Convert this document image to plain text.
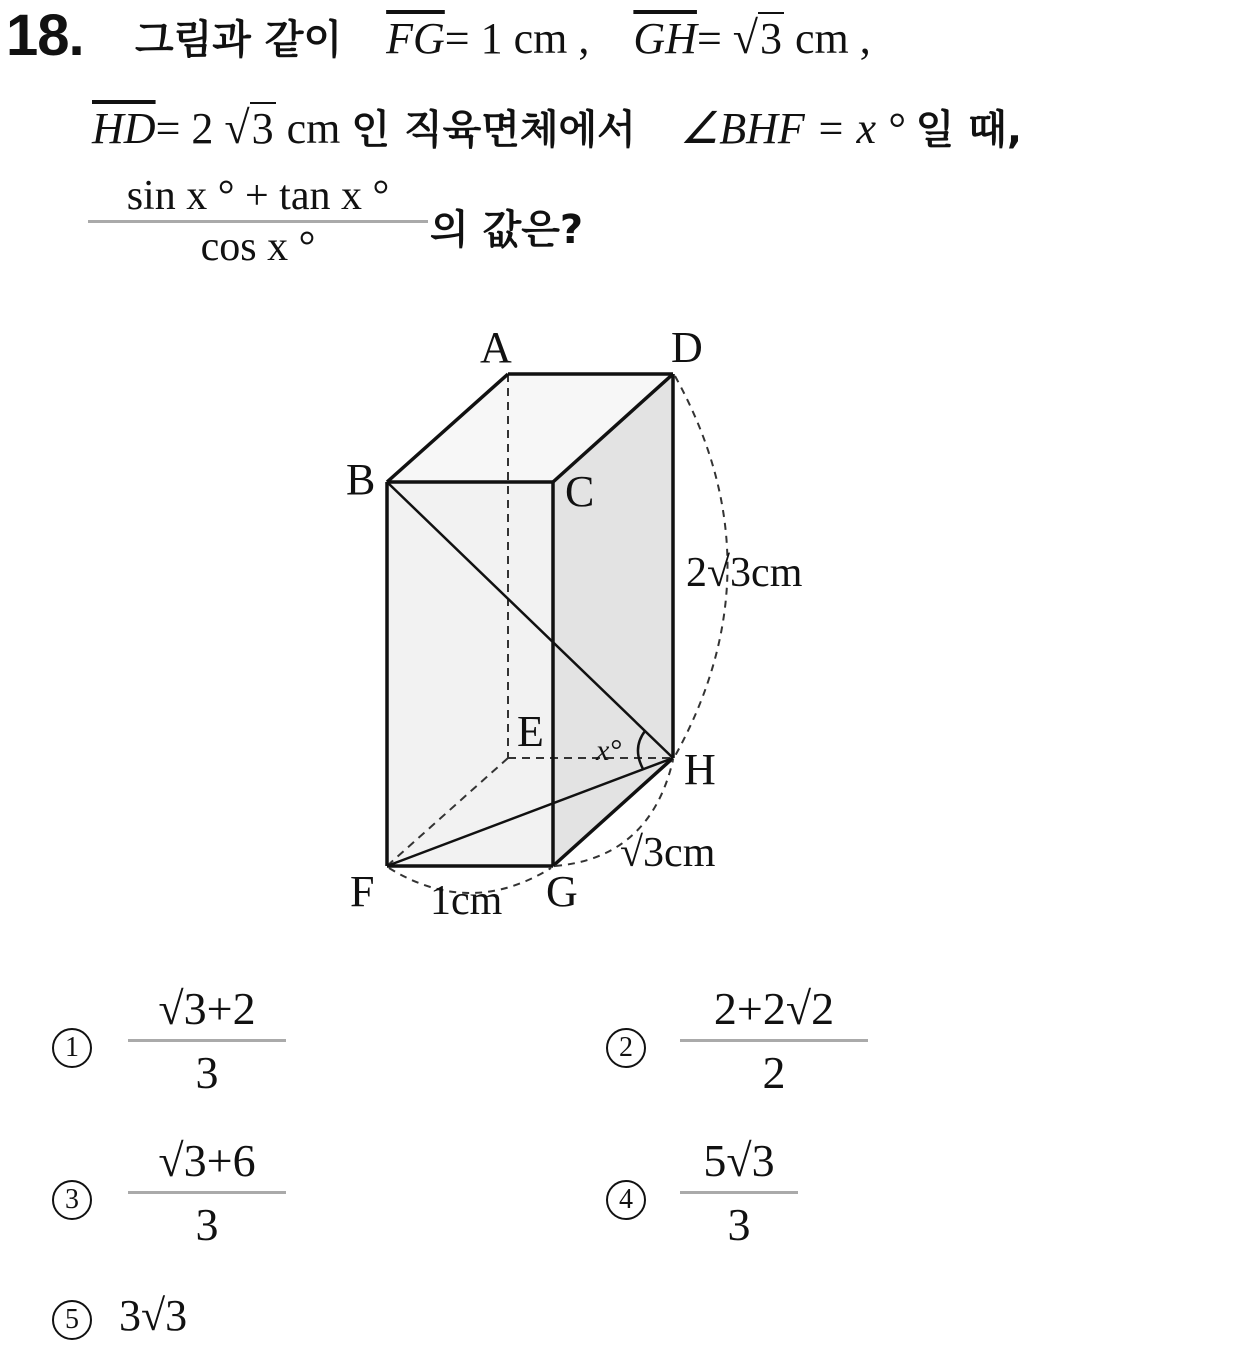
18. 그림과 같이 $\overline{FG}= 1$ cm , $\overline{GH}= √3$ cm ,
$\overline{HD}= 2$ √3 cm 인 직육면체에서 ∠BHF = x ° 일 때,
sin x ° + tan x °
cos x °	의 값은?
A	D
B	C
E
H
F	G
2√3cm
√3cm
1cm
x°
1
√3+2
3	2
2+2√2
2
3
√3+6
3	4
5√3
3
5 3√3
